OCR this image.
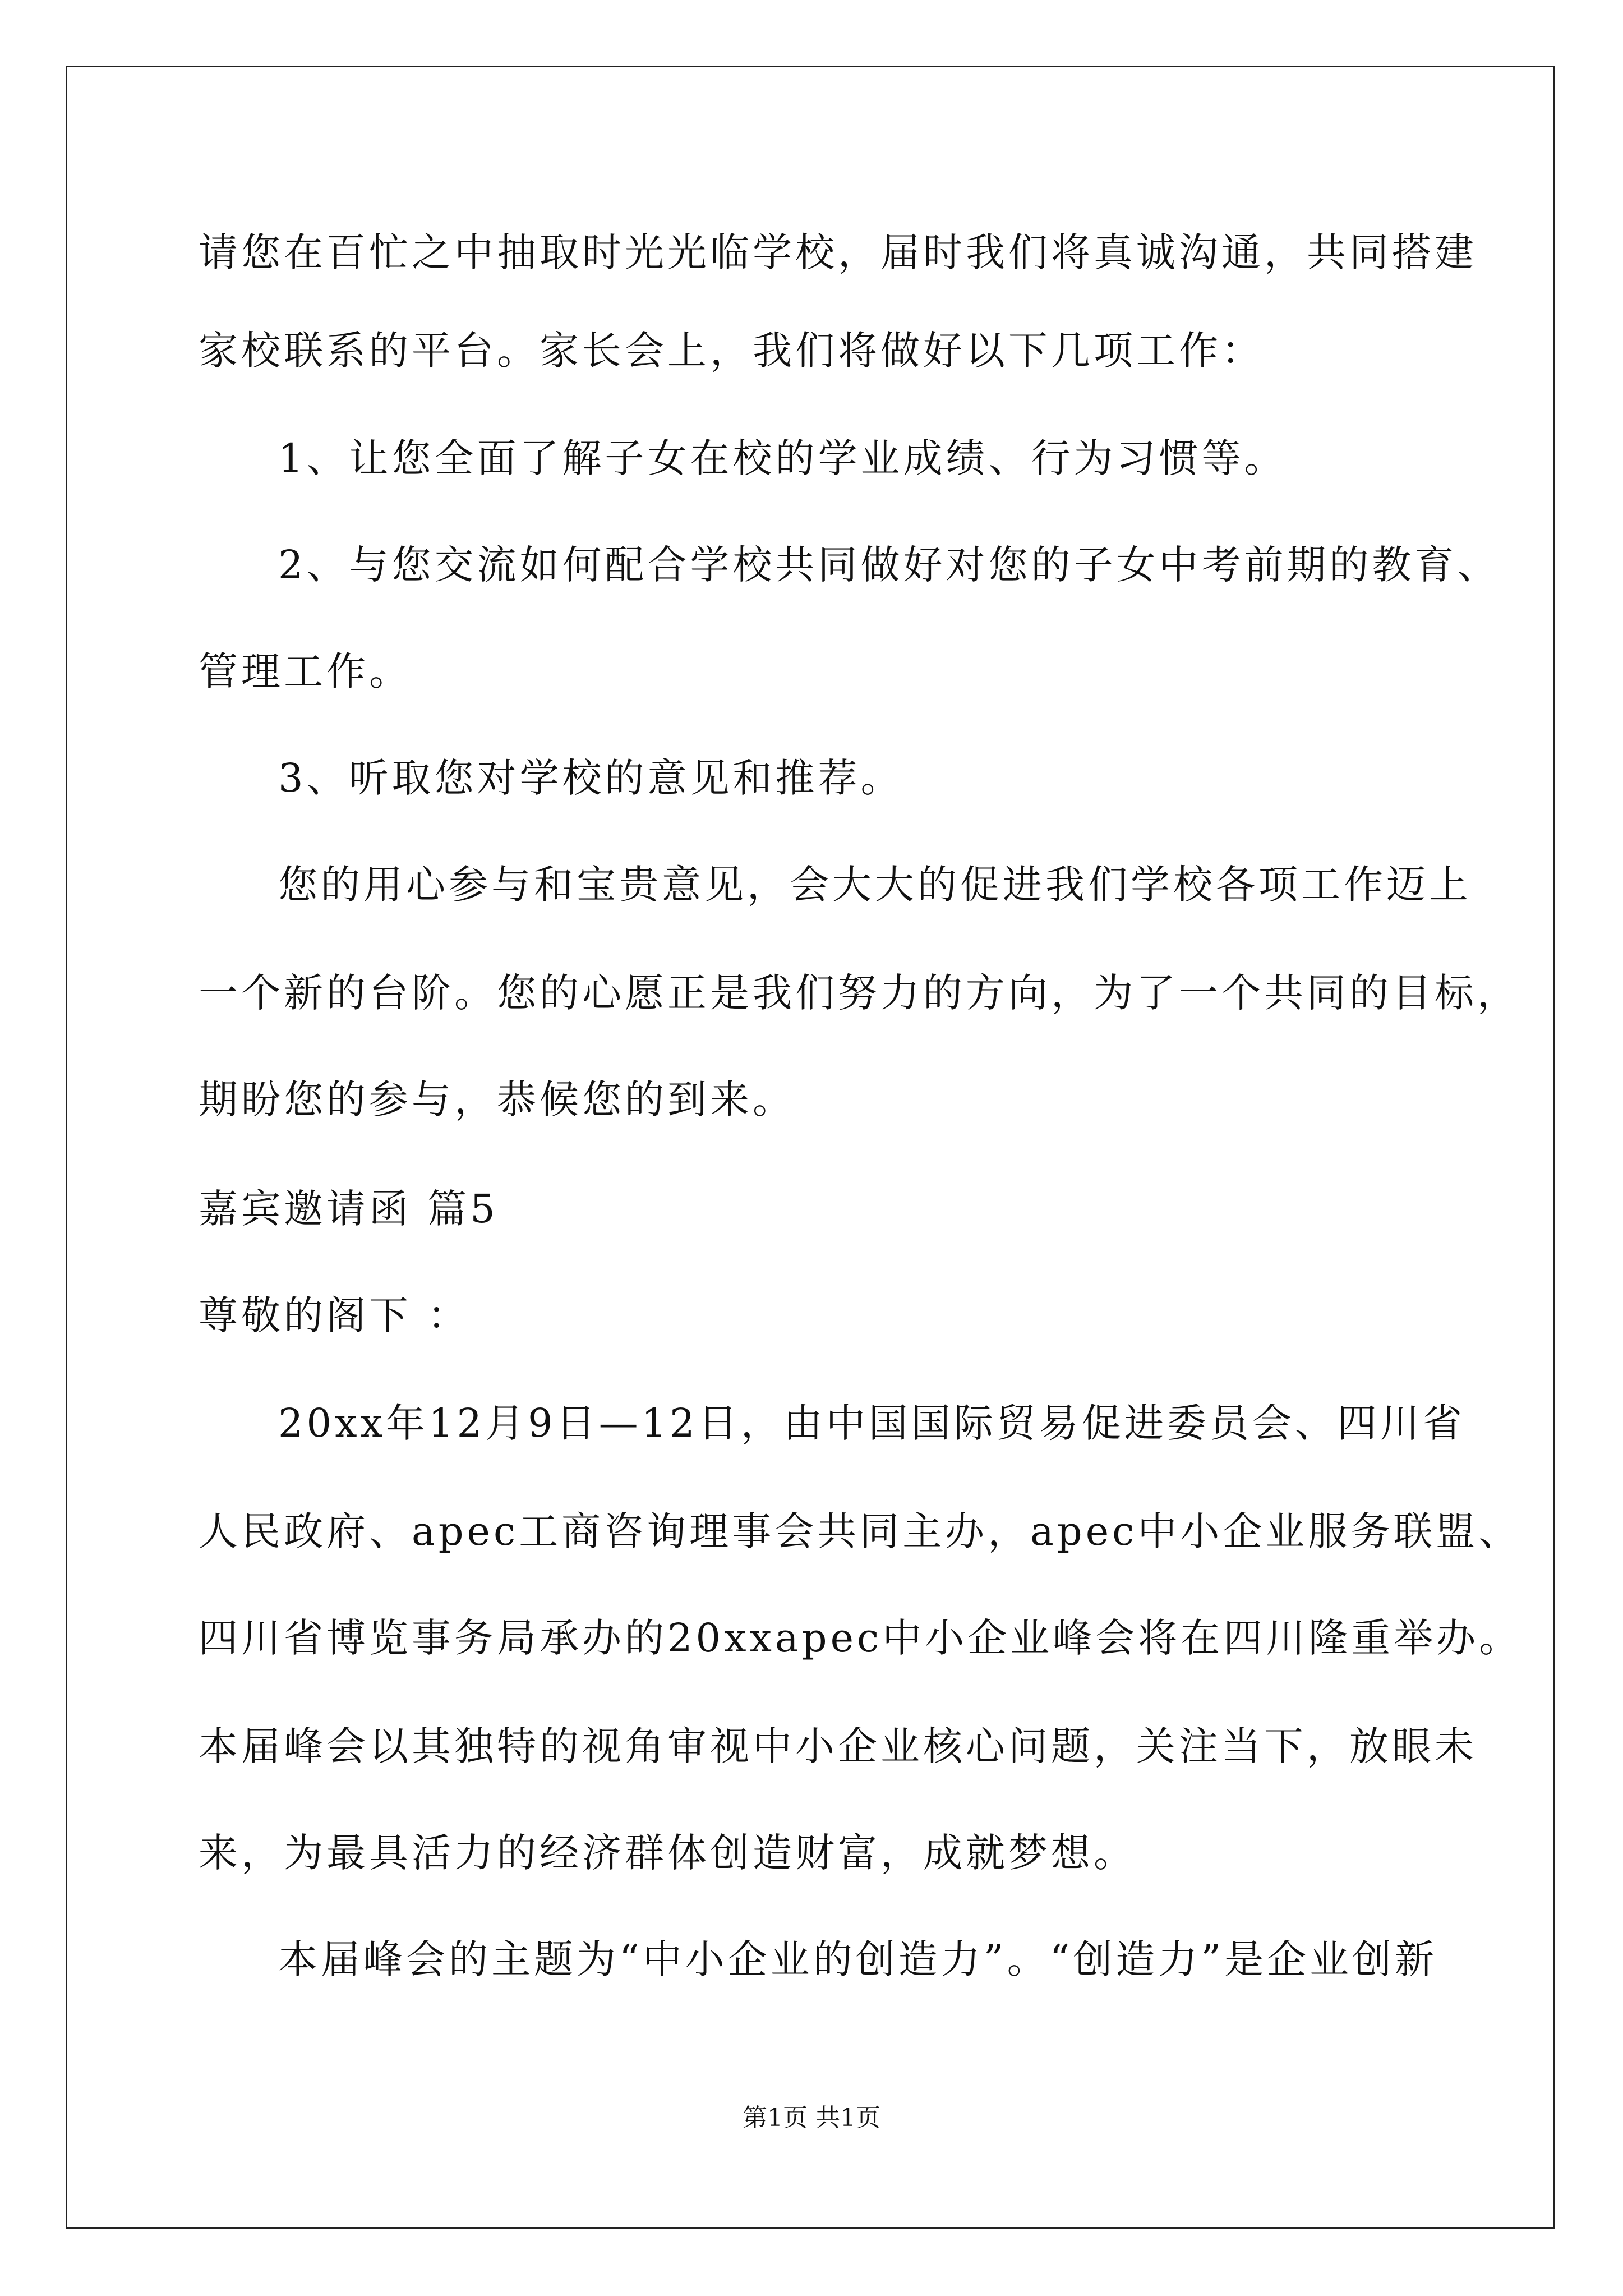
请您在百忙之中抽取时光光临学校，届时我们将真诚沟通，共同搭建
家校联系的平台。家长会上，我们将做好以下几项工作：
1、让您全面了解子女在校的学业成绩、行为习惯等。
2、与您交流如何配合学校共同做好对您的子女中考前期的教育、
管理工作。
3、听取您对学校的意见和推荐。
您的用心参与和宝贵意见，会大大的促进我们学校各项工作迈上
一个新的台阶。您的心愿正是我们努力的方向，为了一个共同的目标，
期盼您的参与，恭候您的到来。
嘉宾邀请函 篇5
尊敬的阁下 ：
20xx年12月9日—12日，由中国国际贸易促进委员会、四川省
人民政府、apec工商咨询理事会共同主办，apec中小企业服务联盟、
四川省博览事务局承办的20xxapec中小企业峰会将在四川隆重举办。
本届峰会以其独特的视角审视中小企业核心问题，关注当下，放眼未
来，为最具活力的经济群体创造财富，成就梦想。
本届峰会的主题为“中小企业的创造力”。“创造力”是企业创新
第1页 共1页
